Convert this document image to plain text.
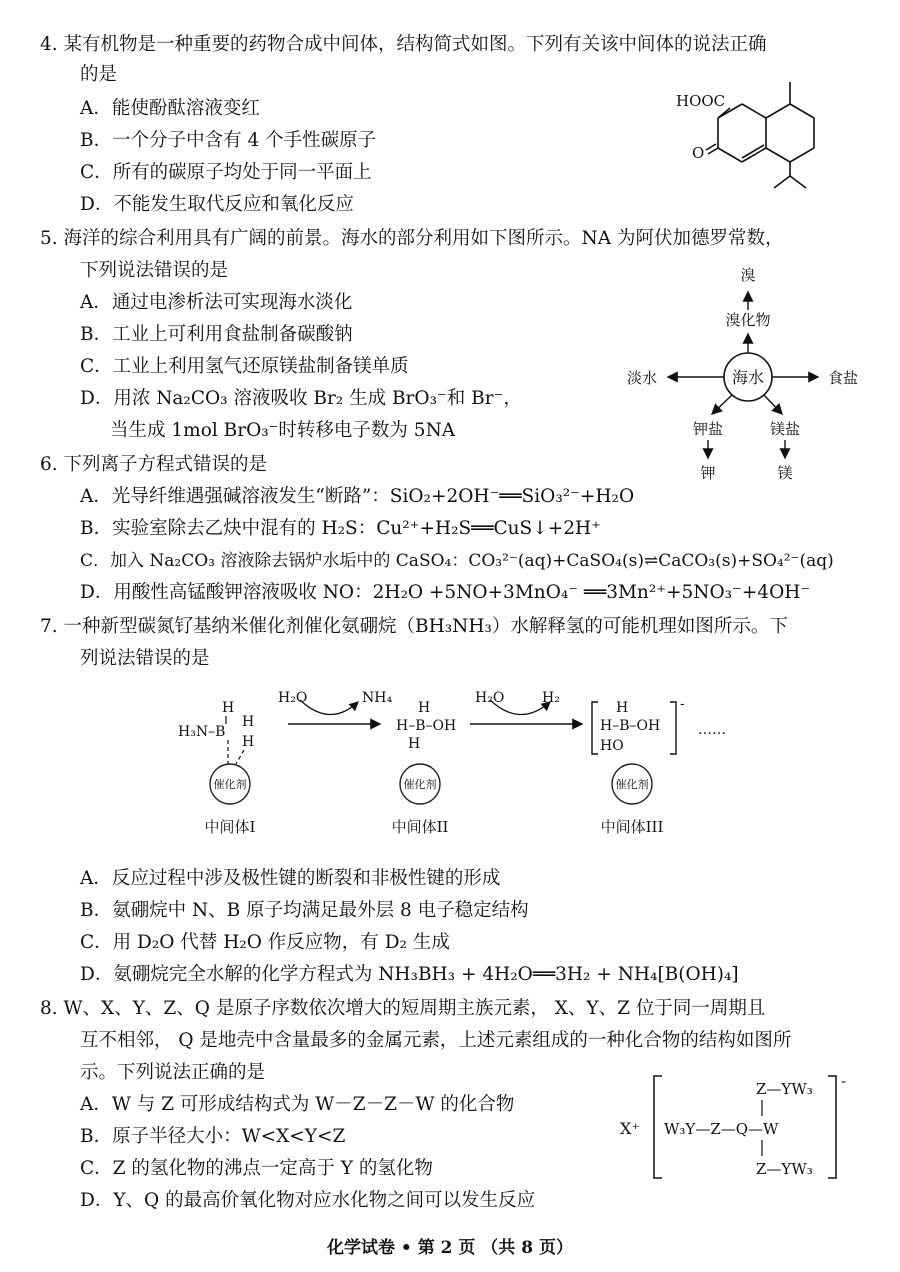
4. 某有机物是一种重要的药物合成中间体，结构简式如图。下列有关该中间体的说法正确
的是
A．能使酚酞溶液变红
B．一个分子中含有 4 个手性碳原子
C．所有的碳原子均处于同一平面上
D．不能发生取代反应和氧化反应
HOOC
O
5. 海洋的综合利用具有广阔的前景。海水的部分利用如下图所示。NA 为阿伏加德罗常数，
下列说法错误的是
A．通过电渗析法可实现海水淡化
B．工业上可利用食盐制备碳酸钠
C．工业上利用氢气还原镁盐制备镁单质
D．用浓 Na₂CO₃ 溶液吸收 Br₂ 生成 BrO₃⁻和 Br⁻，
当生成 1mol BrO₃⁻时转移电子数为 5NA
海水
溴
溴化物
淡水	食盐
钾盐
钾
镁盐
镁
6. 下列离子方程式错误的是
A．光导纤维遇强碱溶液发生“断路”：SiO₂+2OH⁻══SiO₃²⁻+H₂O
B．实验室除去乙炔中混有的 H₂S：Cu²⁺+H₂S══CuS↓+2H⁺
C．加入 Na₂CO₃ 溶液除去锅炉水垢中的 CaSO₄：CO₃²⁻(aq)+CaSO₄(s)⇌CaCO₃(s)+SO₄²⁻(aq)
D．用酸性高锰酸钾溶液吸收 NO：2H₂O +5NO+3MnO₄⁻ ══3Mn²⁺+5NO₃⁻+4OH⁻
7. 一种新型碳氮钌基纳米催化剂催化氨硼烷（BH₃NH₃）水解释氢的可能机理如图所示。下
列说法错误的是
H
H₃N–B
H
H
催化剂
中间体I
H₂O	NH₄
H
H–B–OH
H
催化剂
中间体II
H₂O	H₂	-
H
H–B–OH
HO
……
催化剂
中间体III
A．反应过程中涉及极性键的断裂和非极性键的形成
B．氨硼烷中 N、B 原子均满足最外层 8 电子稳定结构
C．用 D₂O 代替 H₂O 作反应物，有 D₂ 生成
D．氨硼烷完全水解的化学方程式为 NH₃BH₃ + 4H₂O══3H₂ + NH₄[B(OH)₄]
8. W、X、Y、Z、Q 是原子序数依次增大的短周期主族元素， X、Y、Z 位于同一周期且
互不相邻， Q 是地壳中含量最多的金属元素，上述元素组成的一种化合物的结构如图所
示。下列说法正确的是
A．W 与 Z 可形成结构式为 W－Z－Z－W 的化合物
B．原子半径大小：W<X<Y<Z
C．Z 的氢化物的沸点一定高于 Y 的氢化物
D．Y、Q 的最高价氧化物对应水化物之间可以发生反应
X⁺
-
Z—YW₃
W₃Y—Z—Q—W
Z—YW₃
化学试卷 • 第 2 页 （共 8 页）
